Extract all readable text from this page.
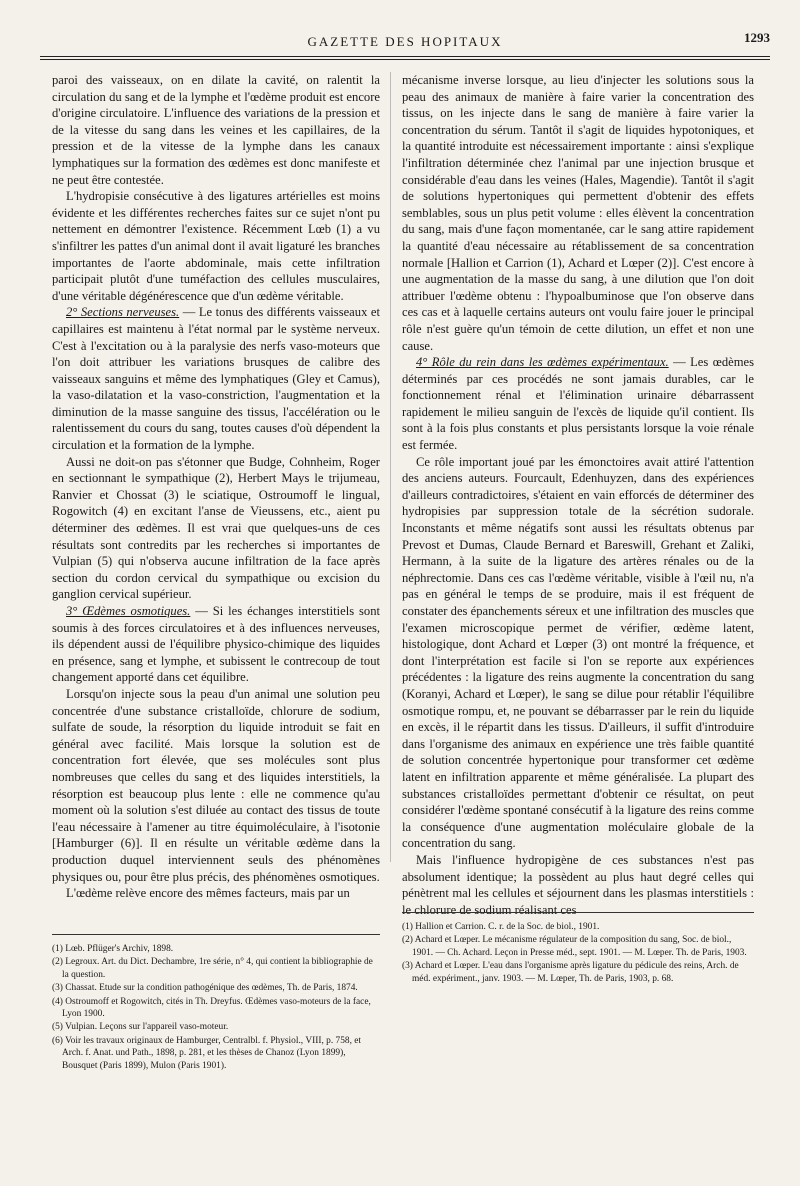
GAZETTE DES HOPITAUX	1293

paroi des vaisseaux, on en dilate la cavité, on ralentit la circulation du sang et de la lymphe et l'œdème produit est encore d'origine circulatoire. L'influence des variations de la pression et de la vitesse du sang dans les veines et les capillaires, de la pression et de la vitesse de la lymphe dans les canaux lymphatiques sur la formation des œdèmes est donc manifeste et ne peut être contestée.

L'hydropisie consécutive à des ligatures artérielles est moins évidente et les différentes recherches faites sur ce sujet n'ont pu nettement en démontrer l'existence. Récemment Lœb (1) a vu s'infiltrer les pattes d'un animal dont il avait ligaturé les branches importantes de l'aorte abdominale, mais cette infiltration participait plutôt d'une tuméfaction des cellules musculaires, d'une véritable dégénérescence que d'un œdème véritable.

2° Sections nerveuses. — Le tonus des différents vaisseaux et capillaires est maintenu à l'état normal par le système nerveux. C'est à l'excitation ou à la paralysie des nerfs vaso-moteurs que l'on doit attribuer les variations brusques de calibre des vaisseaux sanguins et même des lymphatiques (Gley et Camus), la vaso-dilatation et la vaso-constriction, l'augmentation et la diminution de la masse sanguine des tissus, l'accélération ou le ralentissement du cours du sang, toutes causes d'où dépendent la circulation et la formation de la lymphe.

Aussi ne doit-on pas s'étonner que Budge, Cohnheim, Roger en sectionnant le sympathique (2), Herbert Mays le trijumeau, Ranvier et Chossat (3) le sciatique, Ostroumoff le lingual, Rogowitch (4) en excitant l'anse de Vieussens, etc., aient pu déterminer des œdèmes. Il est vrai que quelques-uns de ces résultats sont contredits par les recherches si importantes de Vulpian (5) qui n'observa aucune infiltration de la face après section du cordon cervical du sympathique ou excision du ganglion cervical supérieur.

3° Œdèmes osmotiques. — Si les échanges interstitiels sont soumis à des forces circulatoires et à des influences nerveuses, ils dépendent aussi de l'équilibre physico-chimique des liquides en présence, sang et lymphe, et subissent le contrecoup de tout changement apporté dans cet équilibre.

Lorsqu'on injecte sous la peau d'un animal une solution peu concentrée d'une substance cristalloïde, chlorure de sodium, sulfate de soude, la résorption du liquide introduit se fait en général avec facilité. Mais lorsque la solution est de concentration fort élevée, que ses molécules sont plus nombreuses que celles du sang et des liquides interstitiels, la résorption est beaucoup plus lente : elle ne commence qu'au moment où la solution s'est diluée au contact des tissus de toute l'eau nécessaire à l'amener au titre équimoléculaire, à l'isotonie [Hamburger (6)]. Il en résulte un véritable œdème dans la production duquel interviennent seuls des phénomènes physiques ou, pour être plus précis, des phénomènes osmotiques.

L'œdème relève encore des mêmes facteurs, mais par un

(1) Lœb. Pflüger's Archiv, 1898.

(2) Legroux. Art. du Dict. Dechambre, 1re série, n° 4, qui contient la bibliographie de la question.

(3) Chassat. Etude sur la condition pathogénique des œdèmes, Th. de Paris, 1874.

(4) Ostroumoff et Rogowitch, cités in Th. Dreyfus. Œdèmes vaso-moteurs de la face, Lyon 1900.

(5) Vulpian. Leçons sur l'appareil vaso-moteur.

(6) Voir les travaux originaux de Hamburger, Centralbl. f. Physiol., VIII, p. 758, et Arch. f. Anat. und Path., 1898, p. 281, et les thèses de Chanoz (Lyon 1899), Bousquet (Paris 1899), Mulon (Paris 1901).

mécanisme inverse lorsque, au lieu d'injecter les solutions sous la peau des animaux de manière à faire varier la concentration des tissus, on les injecte dans le sang de manière à faire varier la concentration du sérum. Tantôt il s'agit de liquides hypotoniques, et la quantité introduite est nécessairement importante : ainsi s'explique l'infiltration déterminée chez l'animal par une injection brusque et considérable d'eau dans les veines (Hales, Magendie). Tantôt il s'agit de solutions hypertoniques qui permettent d'obtenir des effets semblables, sous un plus petit volume : elles élèvent la concentration du sang, mais d'une façon momentanée, car le sang attire rapidement la quantité d'eau nécessaire au rétablissement de sa concentration normale [Hallion et Carrion (1), Achard et Lœper (2)]. C'est encore à une augmentation de la masse du sang, à une dilution que l'on doit attribuer l'œdème obtenu : l'hypoalbuminose que l'on observe dans ces cas et à laquelle certains auteurs ont voulu faire jouer le principal rôle n'est guère qu'un témoin de cette dilution, un effet et non une cause.

4° Rôle du rein dans les œdèmes expérimentaux. — Les œdèmes déterminés par ces procédés ne sont jamais durables, car le fonctionnement rénal et l'élimination urinaire débarrassent rapidement le milieu sanguin de l'excès de liquide qu'il contient. Ils sont à la fois plus constants et plus persistants lorsque la voie rénale est fermée.

Ce rôle important joué par les émonctoires avait attiré l'attention des anciens auteurs. Fourcault, Edenhuyzen, dans des expériences d'ailleurs contradictoires, s'étaient en vain efforcés de déterminer des hydropisies par suppression totale de la sécrétion sudorale. Inconstants et même négatifs sont aussi les résultats obtenus par Prevost et Dumas, Claude Bernard et Bareswill, Grehant et Zaliki, Hermann, à la suite de la ligature des artères rénales ou de la néphrectomie. Dans ces cas l'œdème véritable, visible à l'œil nu, n'a pas en général le temps de se produire, mais il est fréquent de constater des épanchements séreux et une infiltration des muscles que l'examen microscopique permet de vérifier, œdème latent, histologique, dont Achard et Lœper (3) ont montré la fréquence, et dont l'interprétation est facile si l'on se reporte aux expériences précédentes : la ligature des reins augmente la concentration du sang (Koranyi, Achard et Lœper), le sang se dilue pour rétablir l'équilibre osmotique rompu, et, ne pouvant se débarrasser par le rein du liquide en excès, il le répartit dans les tissus. D'ailleurs, il suffit d'introduire dans l'organisme des animaux en expérience une très faible quantité de solution concentrée hypertonique pour transformer cet œdème latent en infiltration apparente et même généralisée. La plupart des substances cristalloïdes permettant d'obtenir ce résultat, on peut considérer l'œdème spontané consécutif à la ligature des reins comme la conséquence d'une augmentation moléculaire globale de la concentration du sang.

Mais l'influence hydropigène de ces substances n'est pas absolument identique; la possèdent au plus haut degré celles qui pénètrent mal les cellules et séjournent dans les plasmas interstitiels : le chlorure de sodium réalisant ces

(1) Hallion et Carrion. C. r. de la Soc. de biol., 1901.

(2) Achard et Lœper. Le mécanisme régulateur de la composition du sang, Soc. de biol., 1901. — Ch. Achard. Leçon in Presse méd., sept. 1901. — M. Lœper. Th. de Paris, 1903.

(3) Achard et Lœper. L'eau dans l'organisme après ligature du pédicule des reins, Arch. de méd. expériment., janv. 1903. — M. Lœper, Th. de Paris, 1903, p. 68.
